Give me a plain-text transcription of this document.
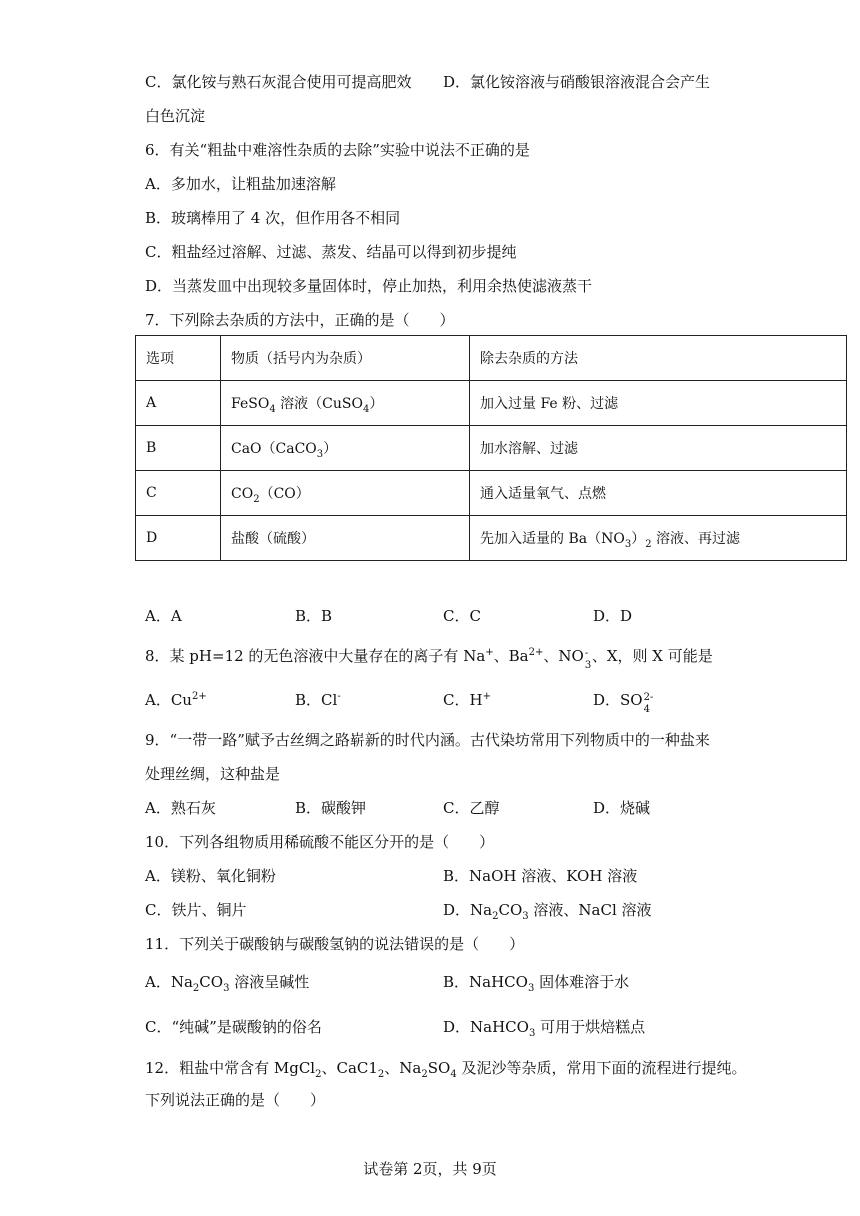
C．氯化铵与熟石灰混合使用可提高肥效 D．氯化铵溶液与硝酸银溶液混合会产生
白色沉淀
6．有关“粗盐中难溶性杂质的去除”实验中说法不正确的是
A．多加水，让粗盐加速溶解
B．玻璃棒用了 4 次，但作用各不相同
C．粗盐经过溶解、过滤、蒸发、结晶可以得到初步提纯
D．当蒸发皿中出现较多量固体时，停止加热，利用余热使滤液蒸干
7．下列除去杂质的方法中，正确的是（　　）
选项	物质（括号内为杂质）	除去杂质的方法
A	FeSO$_4$ 溶液（CuSO$_4$）	加入过量 Fe 粉、过滤
B	CaO（CaCO$_3$）	加水溶解、过滤
C	$CO_2(CO)$	通入适量氧气、点燃
D	盐酸（硫酸）	先加入适量的 $Ba(NO_3)_2$ 溶液、再过滤
A．A	B．B	C．C	D．D
8．某 pH=12 的无色溶液中大量存在的离子有 Na+、$Ba^{2+}$、NO -
3
、X，则 X 可能是
A．$Cu^{2+}$	B．Cl-	C．H+	D．SO 2-
4
9．“一带一路”赋予古丝绸之路崭新的时代内涵。古代染坊常用下列物质中的一种盐来
处理丝绸，这种盐是
A．熟石灰	B．碳酸钾	C．乙醇	D．烧碱
10．下列各组物质用稀硫酸不能区分开的是（　　）
A．镁粉、氧化铜粉	B．NaOH 溶液、KOH 溶液
C．铁片、铜片	D．$Na_2CO_3$ 溶液、NaCl 溶液
11．下列关于碳酸钠与碳酸氢钠的说法错误的是（　　）
A．$Na_2CO_3$ 溶液呈碱性	B．NaHCO$_3$ 固体难溶于水
C．“纯碱”是碳酸钠的俗名	D．NaHCO$_3$ 可用于烘焙糕点
12．粗盐中常含有 MgCl$_2$、$CaC1_2$、$Na_2SO_4$ 及泥沙等杂质，常用下面的流程进行提纯。
下列说法正确的是（　　）
试卷第 2页，共 9页
